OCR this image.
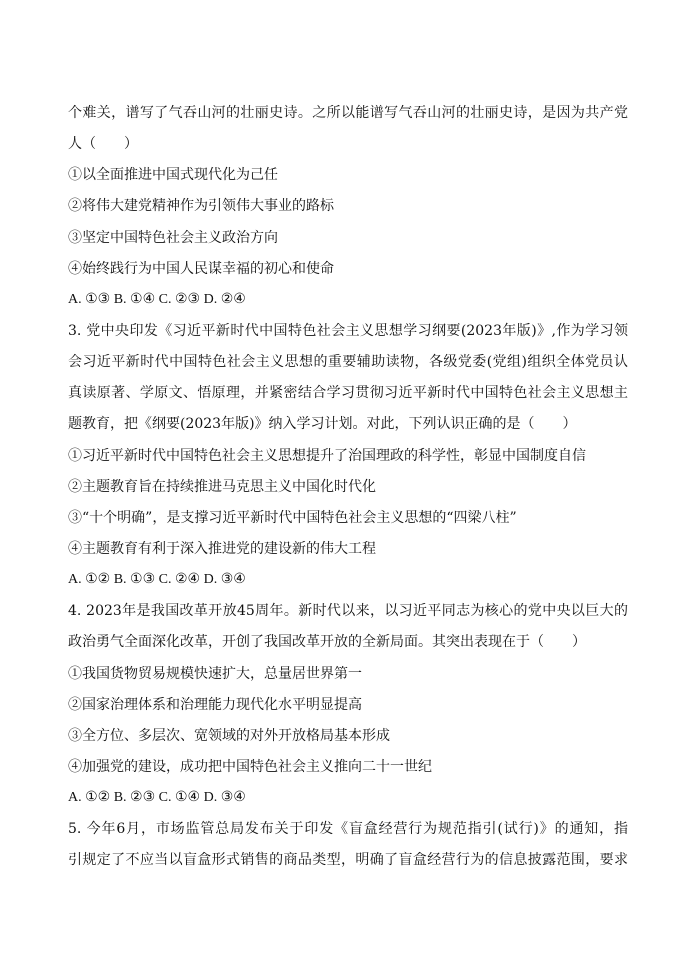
个难关，谱写了气吞山河的壮丽史诗。之所以能谱写气吞山河的壮丽史诗，是因为共产党
人（　　）
①以全面推进中国式现代化为己任
②将伟大建党精神作为引领伟大事业的路标
③坚定中国特色社会主义政治方向
④始终践行为中国人民谋幸福的初心和使命
A. ①③ B. ①④ C. ②③ D. ②④
3. 党中央印发《习近平新时代中国特色社会主义思想学习纲要(2023年版)》,作为学习领
会习近平新时代中国特色社会主义思想的重要辅助读物，各级党委(党组)组织全体党员认
真读原著、学原文、悟原理，并紧密结合学习贯彻习近平新时代中国特色社会主义思想主
题教育，把《纲要(2023年版)》纳入学习计划。对此，下列认识正确的是（　　）
①习近平新时代中国特色社会主义思想提升了治国理政的科学性，彰显中国制度自信
②主题教育旨在持续推进马克思主义中国化时代化
③“十个明确”，是支撑习近平新时代中国特色社会主义思想的“四梁八柱”
④主题教育有利于深入推进党的建设新的伟大工程
A. ①② B. ①③ C. ②④ D. ③④
4. 2023年是我国改革开放45周年。新时代以来，以习近平同志为核心的党中央以巨大的
政治勇气全面深化改革，开创了我国改革开放的全新局面。其突出表现在于（　　）
①我国货物贸易规模快速扩大，总量居世界第一
②国家治理体系和治理能力现代化水平明显提高
③全方位、多层次、宽领域的对外开放格局基本形成
④加强党的建设，成功把中国特色社会主义推向二十一世纪
A. ①② B. ②③ C. ①④ D. ③④
5. 今年6月，市场监管总局发布关于印发《盲盒经营行为规范指引(试行)》的通知，指
引规定了不应当以盲盒形式销售的商品类型，明确了盲盒经营行为的信息披露范围，要求
